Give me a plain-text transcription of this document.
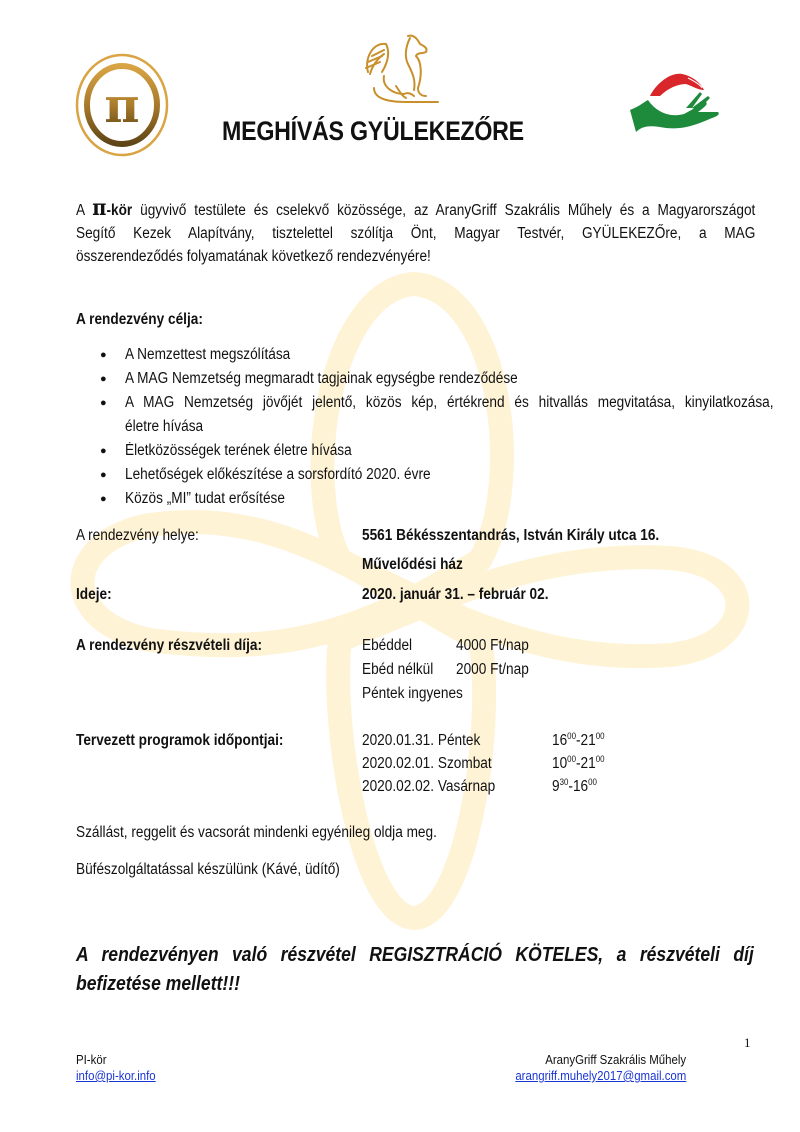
π	MEGHÍVÁS GYÜLEKEZŐRE
A π-kör ügyvivő testülete és cselekvő közössége, az AranyGriff Szakrális Műhely és a Magyarországot
Segítő Kezek Alapítvány, tisztelettel szólítja Önt, Magyar Testvér, GYÜLEKEZŐre, a MAG
összerendeződés folyamatának következő rendezvényére!
A rendezvény célja:
● A Nemzettest megszólítása
● A MAG Nemzetség megmaradt tagjainak egységbe rendeződése
● A MAG Nemzetség jövőjét jelentő, közös kép, értékrend és hitvallás megvitatása, kinyilatkozása,
életre hívása
● Életközösségek terének életre hívása
● Lehetőségek előkészítése a sorsfordító 2020. évre
● Közös „MI” tudat erősítése
A rendezvény helye:	5561 Békésszentandrás, István Király utca 16.
Művelődési ház
Ideje:	2020. január 31. – február 02.
A rendezvény részvételi díja:	Ebéddel	4000 Ft/nap
Ebéd nélkül 2000 Ft/nap
Péntek ingyenes
Tervezett programok időpontjai:	2020.01.31. Péntek	$16^{00}-21^{00}$
2020.02.01. Szombat	$10^{00}-21^{00}$
2020.02.02. Vasárnap	$9^{30}-16^{00}$
Szállást, reggelit és vacsorát mindenki egyénileg oldja meg.
Büfészolgáltatással készülünk (Kávé, üdítő)
A rendezvényen való részvétel REGISZTRÁCIÓ KÖTELES, a részvételi díj
befizetése mellett!!!
1
PI-kör
info@pi-kor.info
AranyGriff Szakrális Műhely
arangriff.muhely2017@gmail.com
